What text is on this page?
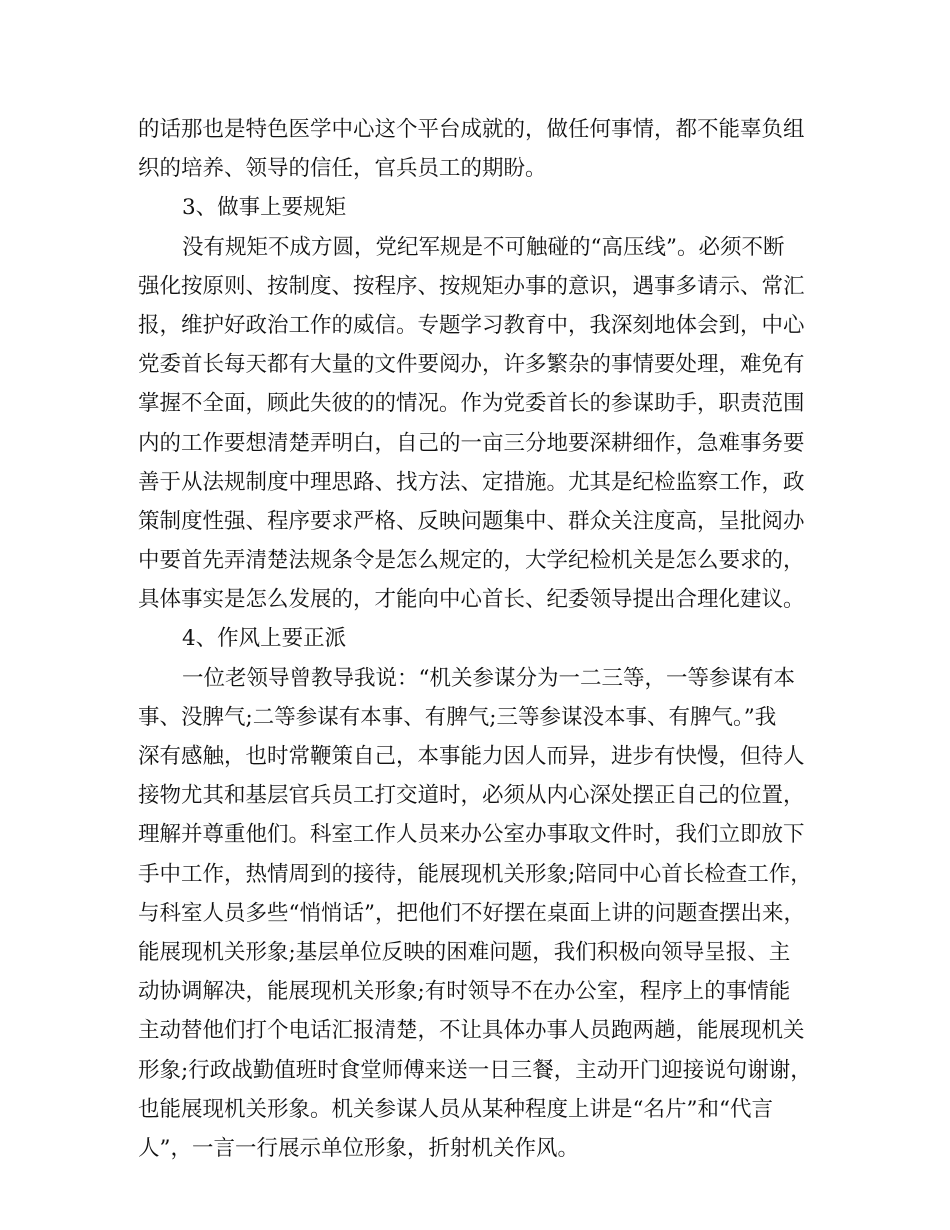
的话那也是特色医学中心这个平台成就的，做任何事情，都不能辜负组
织的培养、领导的信任，官兵员工的期盼。
3、做事上要规矩
没有规矩不成方圆，党纪军规是不可触碰的“高压线”。必须不断
强化按原则、按制度、按程序、按规矩办事的意识，遇事多请示、常汇
报，维护好政治工作的威信。专题学习教育中，我深刻地体会到，中心
党委首长每天都有大量的文件要阅办，许多繁杂的事情要处理，难免有
掌握不全面，顾此失彼的的情况。作为党委首长的参谋助手，职责范围
内的工作要想清楚弄明白，自己的一亩三分地要深耕细作，急难事务要
善于从法规制度中理思路、找方法、定措施。尤其是纪检监察工作，政
策制度性强、程序要求严格、反映问题集中、群众关注度高，呈批阅办
中要首先弄清楚法规条令是怎么规定的，大学纪检机关是怎么要求的，
具体事实是怎么发展的，才能向中心首长、纪委领导提出合理化建议。
4、作风上要正派
一位老领导曾教导我说：“机关参谋分为一二三等，一等参谋有本
事、没脾气;二等参谋有本事、有脾气;三等参谋没本事、有脾气。”我
深有感触，也时常鞭策自己，本事能力因人而异，进步有快慢，但待人
接物尤其和基层官兵员工打交道时，必须从内心深处摆正自己的位置，
理解并尊重他们。科室工作人员来办公室办事取文件时，我们立即放下
手中工作，热情周到的接待，能展现机关形象;陪同中心首长检查工作，
与科室人员多些“悄悄话”，把他们不好摆在桌面上讲的问题查摆出来，
能展现机关形象;基层单位反映的困难问题，我们积极向领导呈报、主
动协调解决，能展现机关形象;有时领导不在办公室，程序上的事情能
主动替他们打个电话汇报清楚，不让具体办事人员跑两趟，能展现机关
形象;行政战勤值班时食堂师傅来送一日三餐，主动开门迎接说句谢谢，
也能展现机关形象。机关参谋人员从某种程度上讲是“名片”和“代言
人”，一言一行展示单位形象，折射机关作风。
